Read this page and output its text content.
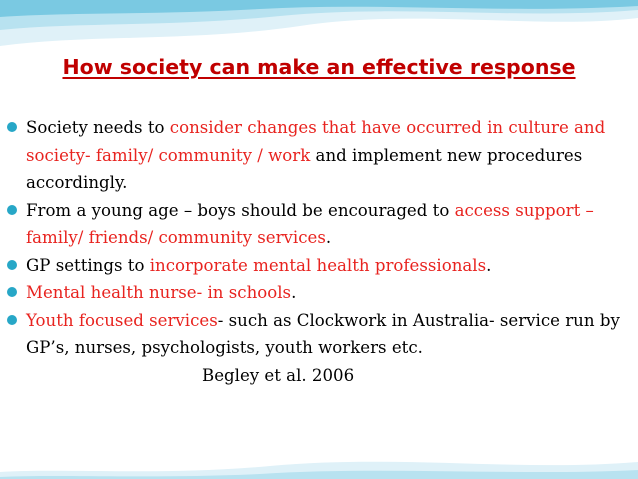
How society can make an effective response
Society needs to consider changes that have occurred in culture and society- family/ community / work and implement new procedures accordingly.
From a young age – boys should be encouraged to access support – family/ friends/ community services.
GP settings to incorporate mental health professionals.
Mental health nurse- in schools.
Youth focused services- such as Clockwork in Australia- service run by GP’s, nurses, psychologists, youth workers etc.
Begley et al. 2006
